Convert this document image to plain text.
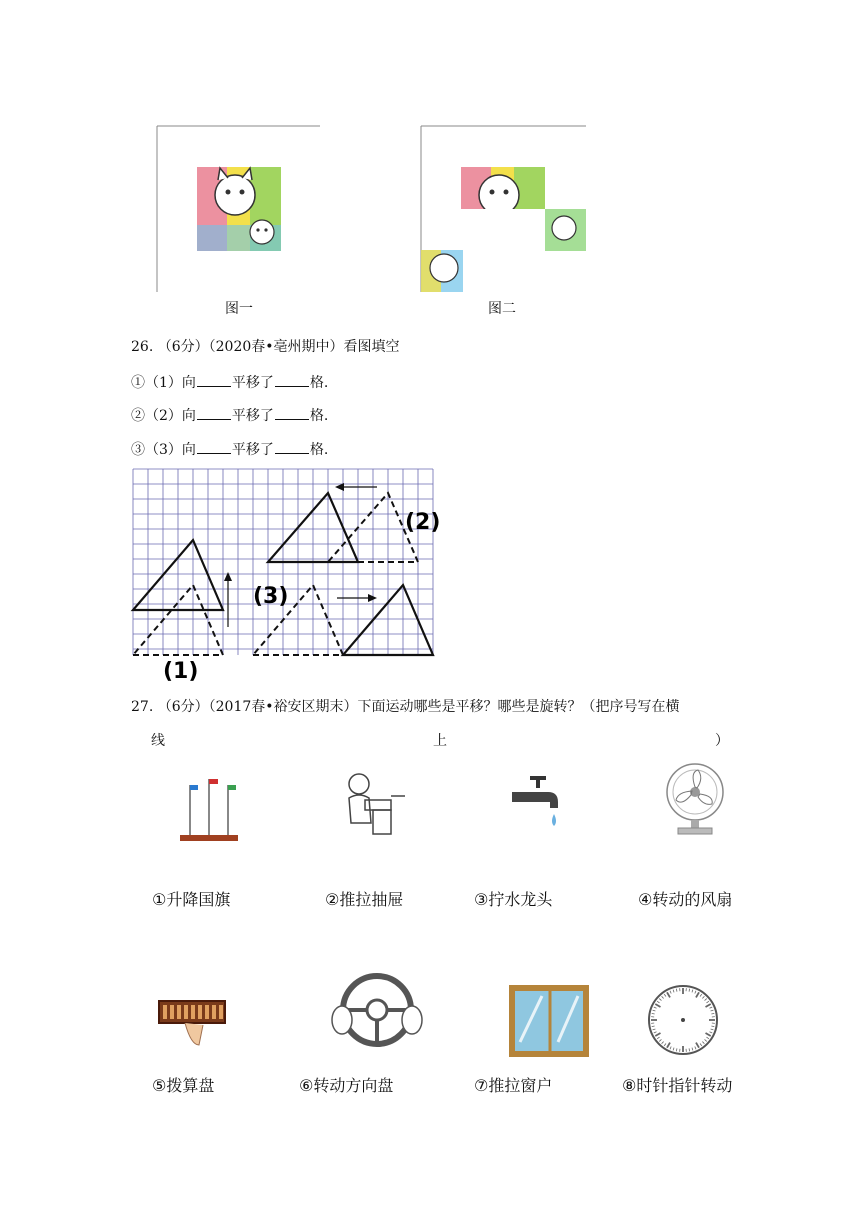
图一	图二
26. （6分）（2020春•亳州期中）看图填空
①（1）向	平移了	格.
②（2）向	平移了	格.
③（3）向	平移了	格.
(1)
(2)
(3)
27. （6分）（2017春•裕安区期末）下面运动哪些是平移？哪些是旋转？（把序号写在横
线	上	）
①升降国旗	②推拉抽屉	③拧水龙头	④转动的风扇
⑤拨算盘	⑥转动方向盘	⑦推拉窗户	⑧时针指针转动
